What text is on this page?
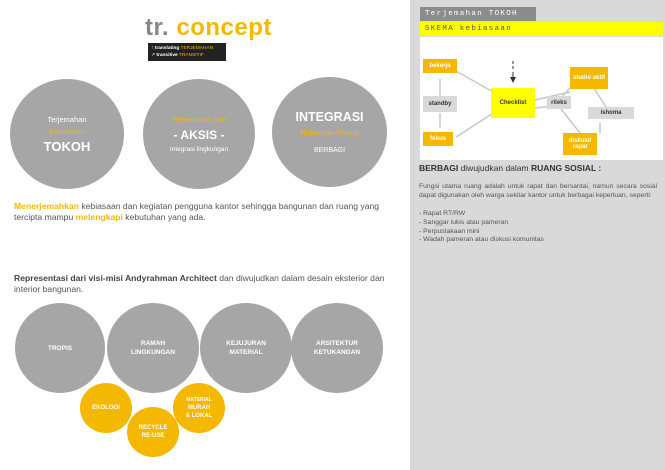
tr. concept
↑ translating TERJEMAHAN
↗ transitive TRANSITIF
Terjemahan
- Kebiasaan -
TOKOH
Terjemahan Site
- AKSIS -
Integrasi lingkungan
INTEGRASI
Hubungan Ruang
BERBAGI
Menerjemahkan kebiasaan dan kegiatan pengguna kantor sehingga bangunan dan ruang yang tercipta mampu melengkapi kebutuhan yang ada.
Representasi dari visi-misi Andyrahman Architect dan diwujudkan dalam desain eksterior dan interior bangunan.
TROPIS
RAMAH
LINGKUNGAN
KEJUJURAN
MATERIAL
ARSITEKTUR
KETUKANGAN
EKOLOGI
RECYCLE
RE-USE
MATERIAL
MURAH
& LOKAL
Terjemahan TOKOH
SKEMA kebiasaan
bekerja
standby
fokus
Checklist	rileks
studio aktif
ishoma
diskusi/ rapat
BERBAGI diwujudkan dalam RUANG SOSIAL :
Fungsi utama ruang adalah untuk rapat dan bersantai, namun secara sosial dapat digunakan oleh warga sekitar kantor untuk berbagai keperluan, seperti:
- Rapat RT/RW
- Sanggar lukis atau pameran
- Perpustakaan mini
- Wadah pameran atau diskusi komunitas
